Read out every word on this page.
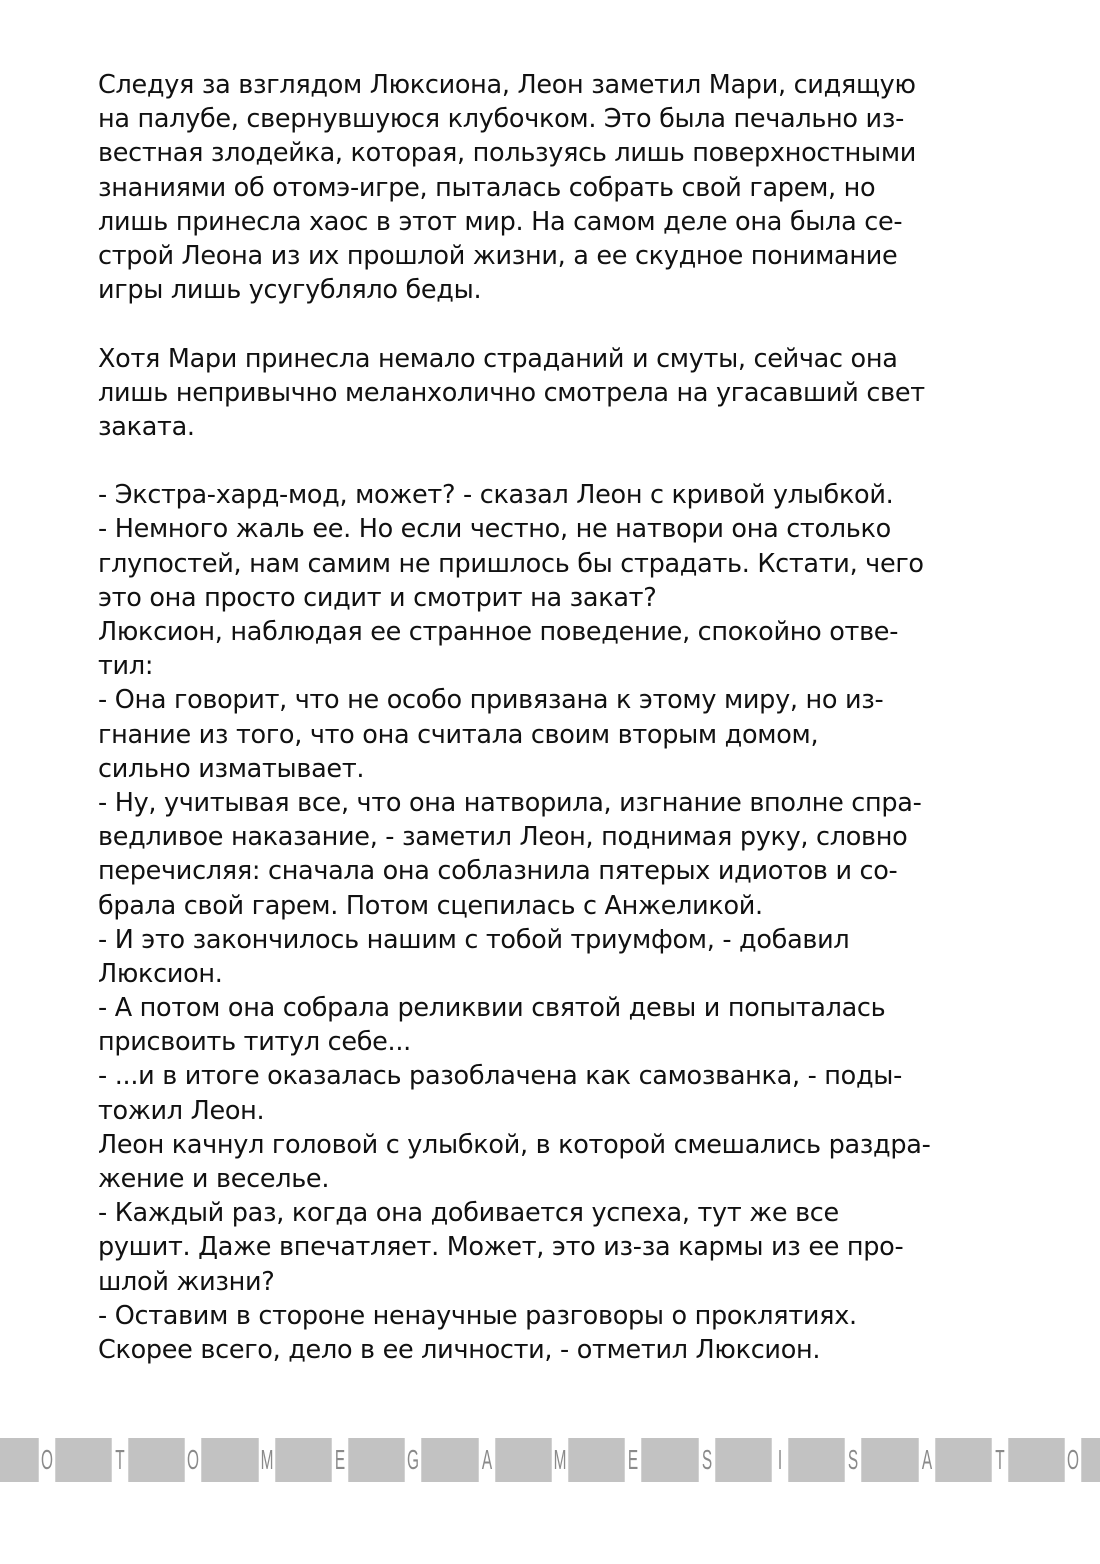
Следуя за взглядом Люксиона, Леон заметил Мари, сидящую
на палубе, свернувшуюся клубочком. Это была печально из-
вестная злодейка, которая, пользуясь лишь поверхностными
знаниями об отомэ-игре, пыталась собрать свой гарем, но
лишь принесла хаос в этот мир. На самом деле она была се-
строй Леона из их прошлой жизни, а ее скудное понимание
игры лишь усугубляло беды.
Хотя Мари принесла немало страданий и смуты, сейчас она
лишь непривычно меланхолично смотрела на угасавший свет
заката.
- Экстра-хард-мод, может? - сказал Леон с кривой улыбкой.
- Немного жаль ее. Но если честно, не натвори она столько
глупостей, нам самим не пришлось бы страдать. Кстати, чего
это она просто сидит и смотрит на закат?
Люксион, наблюдая ее странное поведение, спокойно отве-
тил:
- Она говорит, что не особо привязана к этому миру, но из-
гнание из того, что она считала своим вторым домом,
сильно изматывает.
- Ну, учитывая все, что она натворила, изгнание вполне спра-
ведливое наказание, - заметил Леон, поднимая руку, словно
перечисляя: сначала она соблазнила пятерых идиотов и со-
брала свой гарем. Потом сцепилась с Анжеликой.
- И это закончилось нашим с тобой триумфом, - добавил
Люксион.
- А потом она собрала реликвии святой девы и попыталась
присвоить титул себе...
- ...и в итоге оказалась разоблачена как самозванка, - поды-
тожил Леон.
Леон качнул головой с улыбкой, в которой смешались раздра-
жение и веселье.
- Каждый раз, когда она добивается успеха, тут же все
рушит. Даже впечатляет. Может, это из-за кармы из ее про-
шлой жизни?
- Оставим в стороне ненаучные разговоры о проклятиях.
Скорее всего, дело в ее личности, - отметил Люксион.
O T O M E G A M E S I S A T O
